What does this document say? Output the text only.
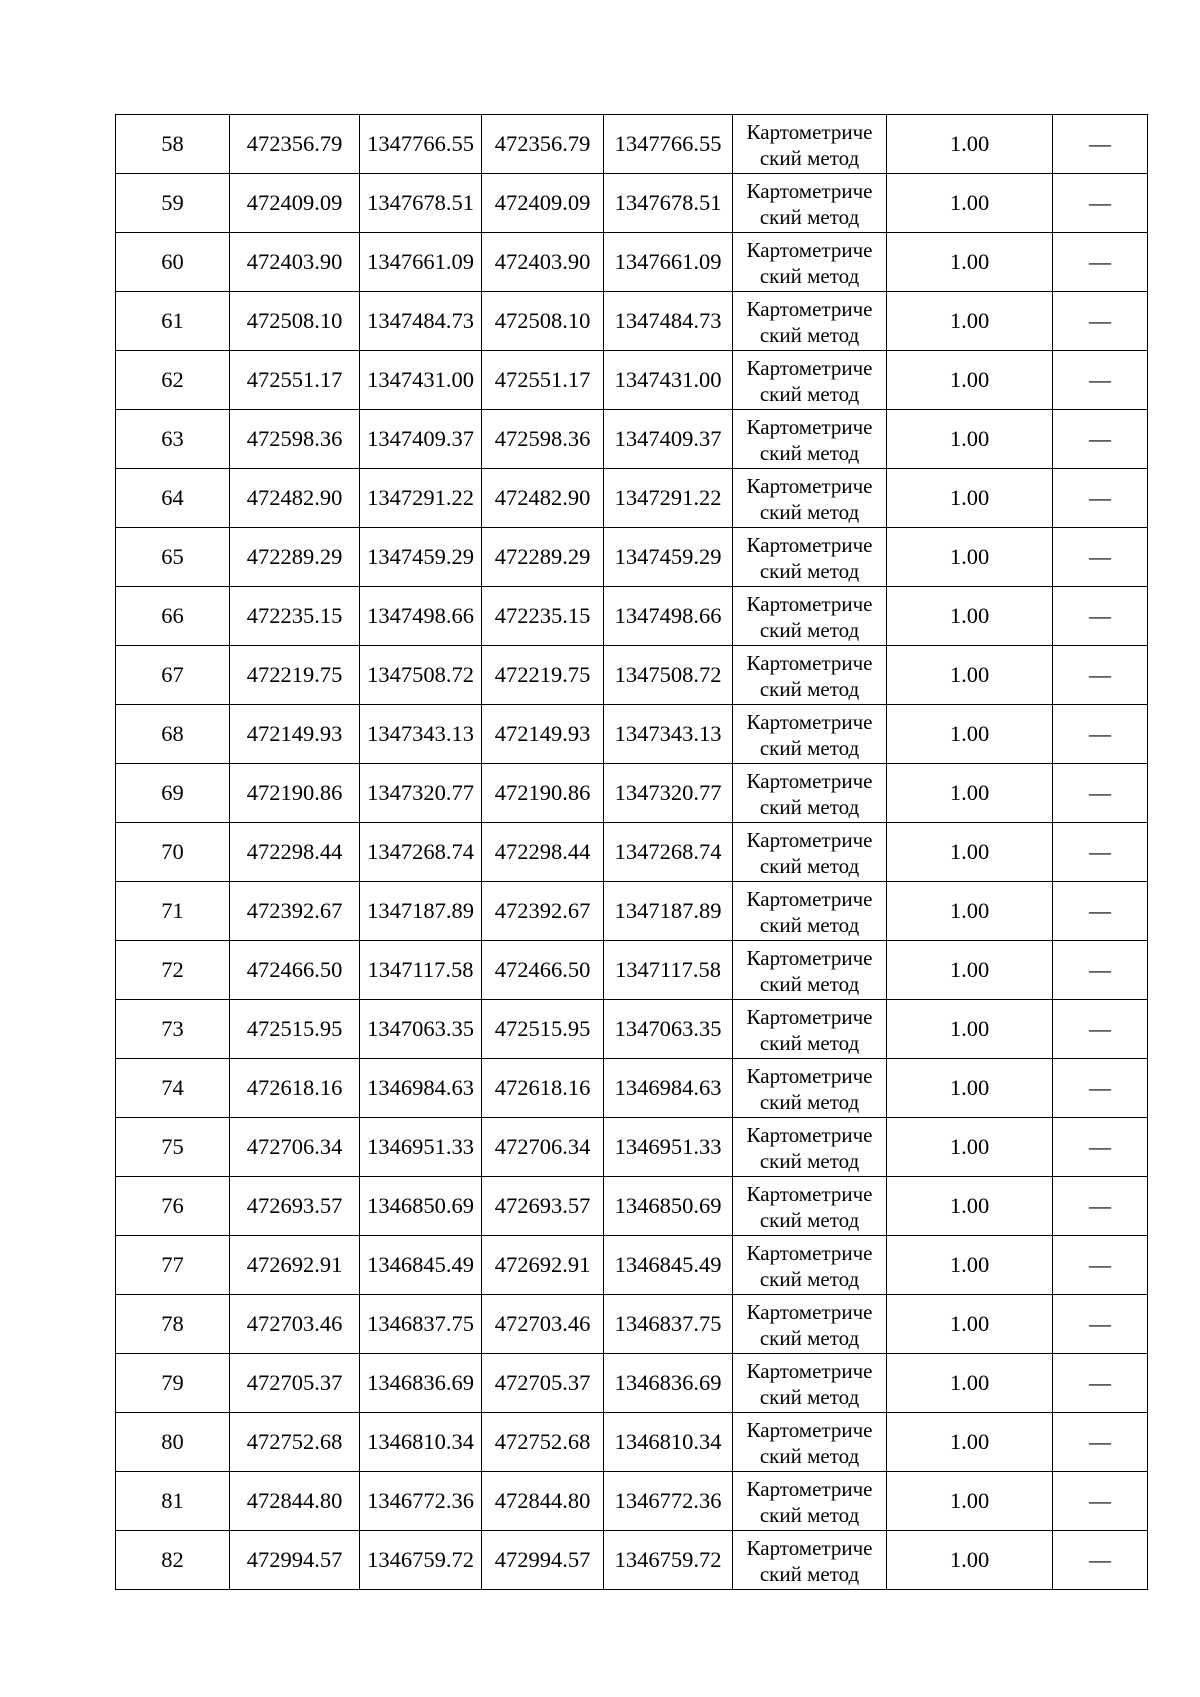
58	472356.79	1347766.55	472356.79	1347766.55	Картометриче
ский метод	1.00	—
59	472409.09	1347678.51	472409.09	1347678.51	Картометриче
ский метод	1.00	—
60	472403.90	1347661.09	472403.90	1347661.09	Картометриче
ский метод	1.00	—
61	472508.10	1347484.73	472508.10	1347484.73	Картометриче
ский метод	1.00	—
62	472551.17	1347431.00	472551.17	1347431.00	Картометриче
ский метод	1.00	—
63	472598.36	1347409.37	472598.36	1347409.37	Картометриче
ский метод	1.00	—
64	472482.90	1347291.22	472482.90	1347291.22	Картометриче
ский метод	1.00	—
65	472289.29	1347459.29	472289.29	1347459.29	Картометриче
ский метод	1.00	—
66	472235.15	1347498.66	472235.15	1347498.66	Картометриче
ский метод	1.00	—
67	472219.75	1347508.72	472219.75	1347508.72	Картометриче
ский метод	1.00	—
68	472149.93	1347343.13	472149.93	1347343.13	Картометриче
ский метод	1.00	—
69	472190.86	1347320.77	472190.86	1347320.77	Картометриче
ский метод	1.00	—
70	472298.44	1347268.74	472298.44	1347268.74	Картометриче
ский метод	1.00	—
71	472392.67	1347187.89	472392.67	1347187.89	Картометриче
ский метод	1.00	—
72	472466.50	1347117.58	472466.50	1347117.58	Картометриче
ский метод	1.00	—
73	472515.95	1347063.35	472515.95	1347063.35	Картометриче
ский метод	1.00	—
74	472618.16	1346984.63	472618.16	1346984.63	Картометриче
ский метод	1.00	—
75	472706.34	1346951.33	472706.34	1346951.33	Картометриче
ский метод	1.00	—
76	472693.57	1346850.69	472693.57	1346850.69	Картометриче
ский метод	1.00	—
77	472692.91	1346845.49	472692.91	1346845.49	Картометриче
ский метод	1.00	—
78	472703.46	1346837.75	472703.46	1346837.75	Картометриче
ский метод	1.00	—
79	472705.37	1346836.69	472705.37	1346836.69	Картометриче
ский метод	1.00	—
80	472752.68	1346810.34	472752.68	1346810.34	Картометриче
ский метод	1.00	—
81	472844.80	1346772.36	472844.80	1346772.36	Картометриче
ский метод	1.00	—
82	472994.57	1346759.72	472994.57	1346759.72	Картометриче
ский метод	1.00	—
